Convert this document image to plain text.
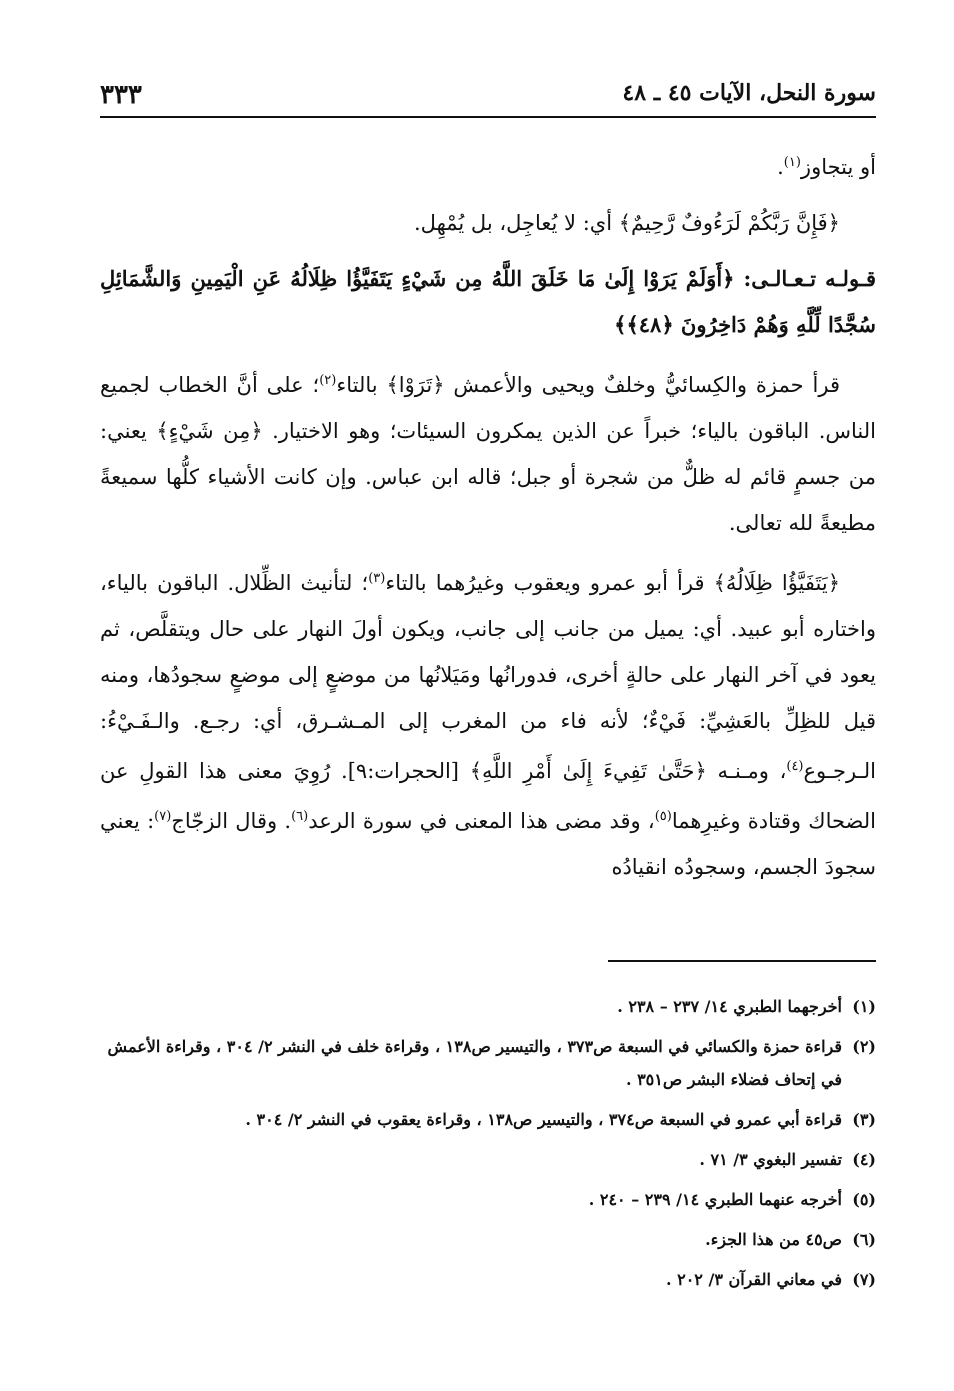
سورة النحل، الآيات ٤٥ ـ ٤٨
٣٣٣

أو يتجاوز$^{(١)}$.

﴿فَإِنَّ رَبَّكُمْ لَرَءُوفٌ رَّحِيمٌ﴾ أي: لا يُعاجِل، بل يُمْهِل.

قـولـه تـعـالـى: ﴿أَوَلَمْ يَرَوْا إِلَىٰ مَا خَلَقَ اللَّهُ مِن شَيْءٍ يَتَفَيَّؤُا ظِلَالُهُ عَنِ الْيَمِينِ وَالشَّمَائِلِ سُجَّدًا لِّلَّهِ وَهُمْ دَاخِرُونَ ﴿٤٨﴾﴾

قرأ حمزة والكِسائيُّ وخلفٌ ويحيى والأعمش ﴿تَرَوْا﴾ بالتاء$^{(٢)}$؛ على أنَّ الخطاب لجميع الناس. الباقون بالياء؛ خبراً عن الذين يمكرون السيئات؛ وهو الاختيار. ﴿مِن شَيْءٍ﴾ يعني: من جسمٍ قائم له ظلٌّ من شجرة أو جبل؛ قاله ابن عباس. وإن كانت الأشياء كلُّها سميعةً مطيعةً لله تعالى.

﴿يَتَفَيَّؤُا ظِلَالُهُ﴾ قرأ أبو عمرو ويعقوب وغيرُهما بالتاء$^{(٣)}$؛ لتأنيث الظِّلال. الباقون بالياء، واختاره أبو عبيد. أي: يميل من جانب إلى جانب، ويكون أولَ النهار على حال ويتقلَّص، ثم يعود في آخر النهار على حالةٍ أخرى، فدورانُها ومَيَلانُها من موضعٍ إلى موضعٍ سجودُها، ومنه قيل للظِلِّ بالعَشِيِّ: فَيْءٌ؛ لأنه فاء من المغرب إلى المـشـرق، أي: رجـع. والـفَـيْءُ: الـرجـوع$^{(٤)}$، ومـنـه ﴿حَتَّىٰ تَفِيءَ إِلَىٰ أَمْرِ اللَّهِ﴾ [الحجرات:٩]. رُوِيَ معنى هذا القولِ عن الضحاك وقتادة وغيرِهما$^{(٥)}$، وقد مضى هذا المعنى في سورة الرعد$^{(٦)}$. وقال الزجّاج$^{(٧)}$: يعني سجودَ الجسم، وسجودُه انقيادُه

(١)
أخرجهما الطبري ١٤/ ٢٣٧ – ٢٣٨ .
(٢)
قراءة حمزة والكسائي في السبعة ص٣٧٣ ، والتيسير ص١٣٨ ، وقراءة خلف في النشر ٢/ ٣٠٤ ، وقراءة الأعمش في إتحاف فضلاء البشر ص٣٥١ .
(٣)
قراءة أبي عمرو في السبعة ص٣٧٤ ، والتيسير ص١٣٨ ، وقراءة يعقوب في النشر ٢/ ٣٠٤ .
(٤)
تفسير البغوي ٣/ ٧١ .
(٥)
أخرجه عنهما الطبري ١٤/ ٢٣٩ – ٢٤٠ .
(٦)
ص٤٥ من هذا الجزء.
(٧)
في معاني القرآن ٣/ ٢٠٢ .
